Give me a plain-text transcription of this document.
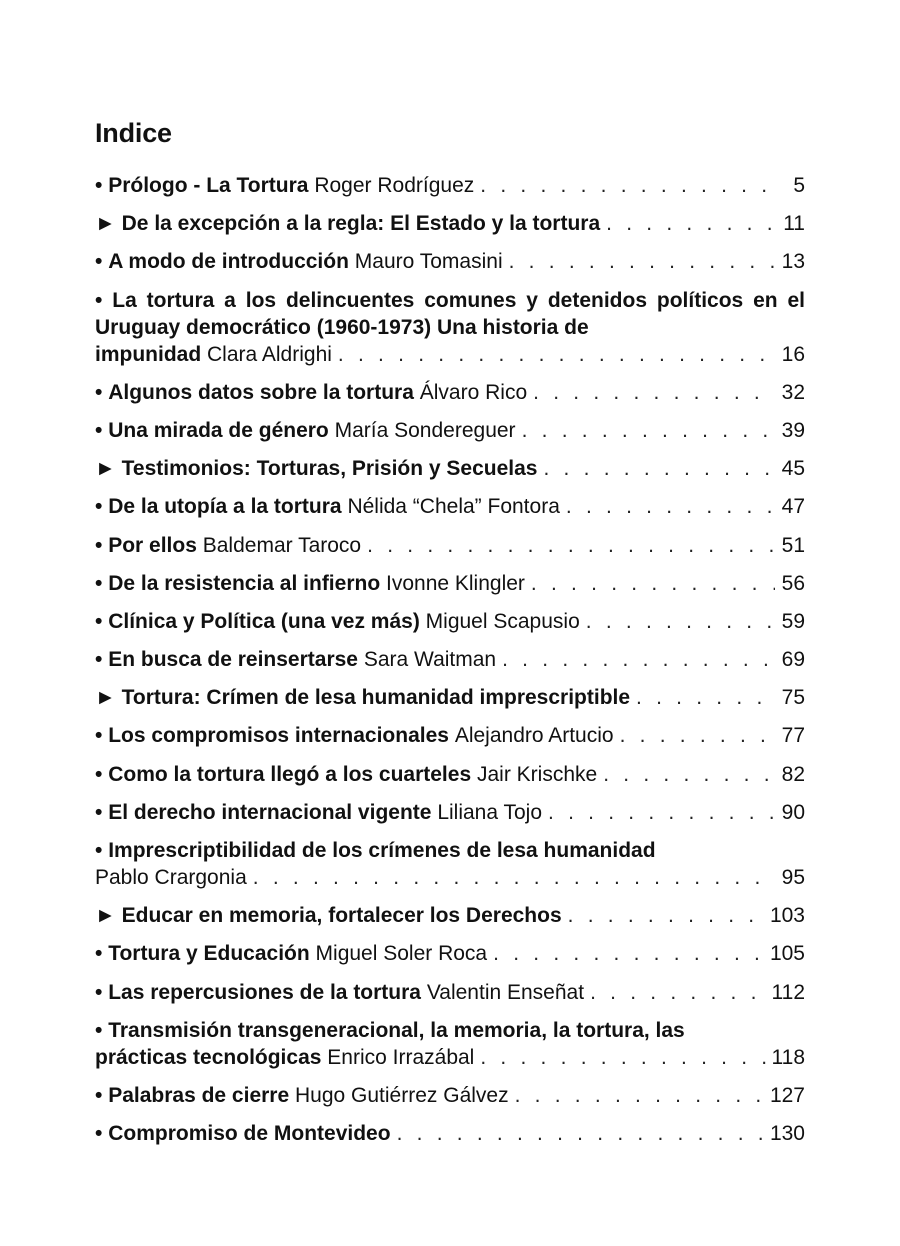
Indice
•
Prólogo - La Tortura
Roger Rodríguez . . .	5
►
De la excepción a la regla: El Estado y la tortura . . .	11
•
A modo de introducción
Mauro Tomasini . . .	13
• La tortura a los delincuentes comunes y detenidos políticos en el Uruguay democrático (1960-1973) Una historia de
impunidad
Clara Aldrighi . . .	16
•
Algunos datos sobre la tortura
Álvaro Rico . . .	32
•
Una mirada de género
María Sondereguer . . .	39
►
Testimonios: Torturas, Prisión y Secuelas . . .	45
•
De la utopía a la tortura
Nélida “Chela” Fontora . . .	47
•
Por ellos
Baldemar Taroco . . .	51
•
De la resistencia al infierno
Ivonne Klingler . . .	56
•
Clínica y Política (una vez más)
Miguel Scapusio . . .	59
•
En busca de reinsertarse
Sara Waitman . . .	69
►
Tortura: Crímen de lesa humanidad imprescriptible . . .	75
•
Los compromisos internacionales
Alejandro Artucio . . .	77
•
Como la tortura llegó a los cuarteles
Jair Krischke . . .	82
•
El derecho internacional vigente
Liliana Tojo . . .	90
• Imprescriptibilidad de los crímenes de lesa humanidad
Pablo Crargonia . . .	95
►
Educar en memoria, fortalecer los Derechos . . .	103
•
Tortura y Educación
Miguel Soler Roca . . .	105
•
Las repercusiones de la tortura
Valentin Enseñat . . .	112
• Transmisión transgeneracional, la memoria, la tortura, las
prácticas tecnológicas
Enrico Irrazábal . . .	118
•
Palabras de cierre
Hugo Gutiérrez Gálvez . . .	127
•
Compromiso de Montevideo . . .	130
